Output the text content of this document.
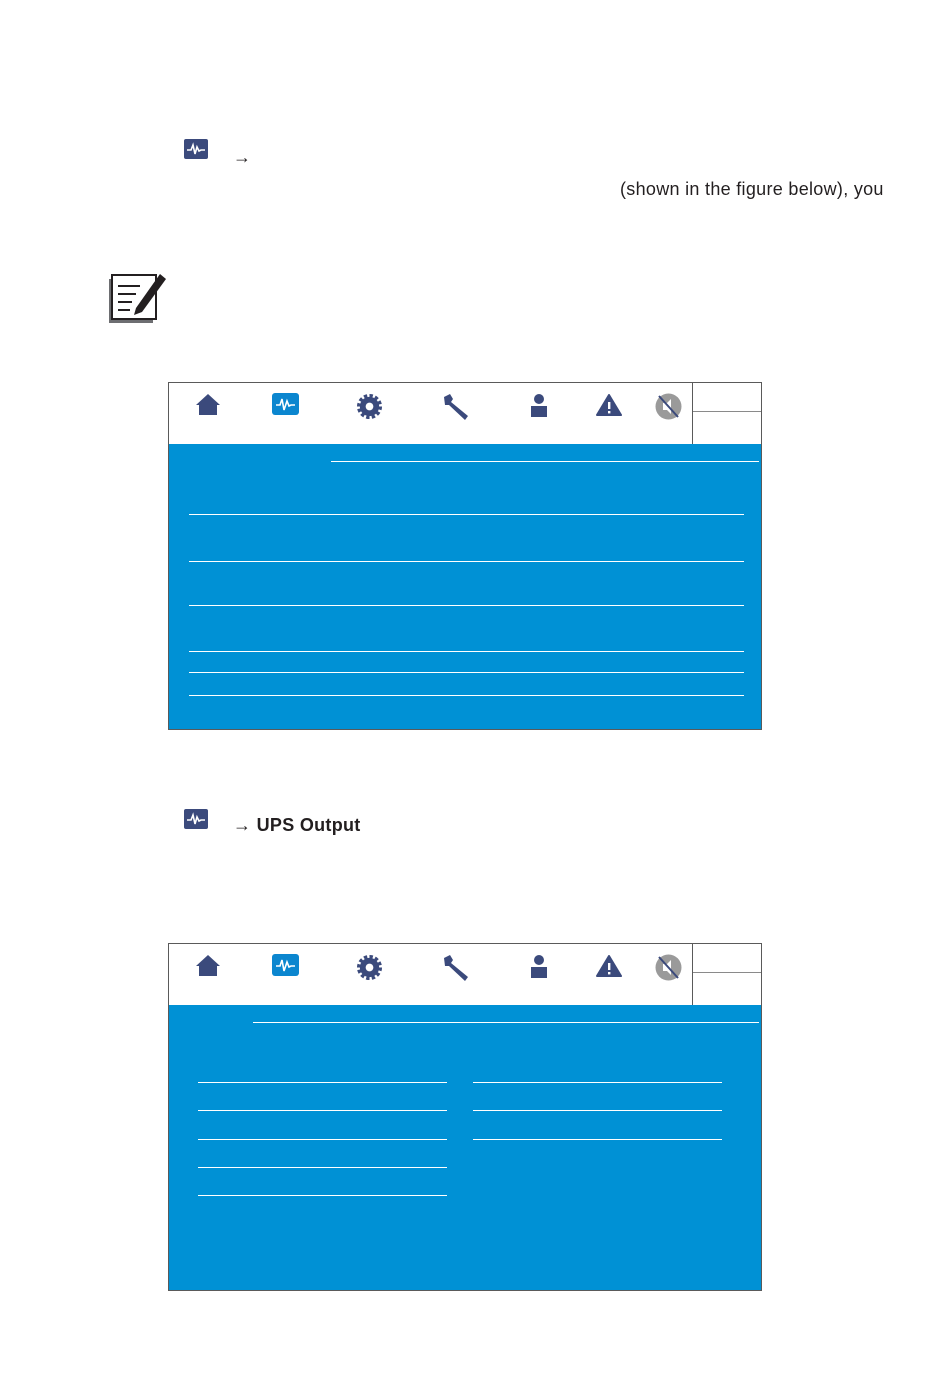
→
(shown in the figure below), you
→ UPS Output
